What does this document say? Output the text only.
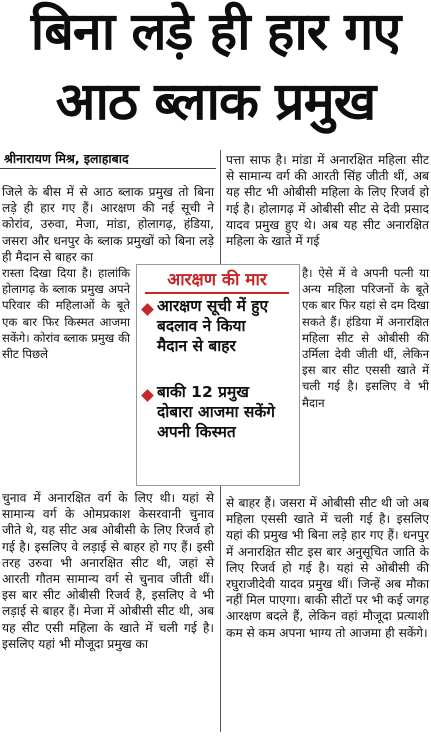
बिना लड़े ही हार गए
आठ ब्लाक प्रमुख
श्रीनारायण मिश्र, इलाहाबाद

जिले के बीस में से आठ ब्लाक प्रमुख तो बिना लड़े ही हार गए हैं। आरक्षण की नई सूची ने कोरांव, उरुवा, मेजा, मांडा, होलागढ़, हंडिया, जसरा और धनपुर के ब्लाक प्रमुखों को बिना लड़े ही मैदान से बाहर का

रास्ता दिखा दिया है। हालांकि होलागढ़ के ब्लाक प्रमुख अपने परिवार की महिलाओं के बूते एक बार फिर किस्मत आजमा सकेंगे। कोरांव ब्लाक प्रमुख की सीट पिछले

चुनाव में अनारक्षित वर्ग के लिए थी। यहां से सामान्य वर्ग के ओमप्रकाश केसरवानी चुनाव जीते थे, यह सीट अब ओबीसी के लिए रिजर्व हो गई है। इसलिए वे लड़ाई से बाहर हो गए हैं। इसी तरह उरुवा भी अनारक्षित सीट थी, जहां से आरती गौतम सामान्य वर्ग से चुनाव जीती थीं। इस बार सीट ओबीसी रिजर्व है, इसलिए वे भी लड़ाई से बाहर हैं। मेजा में ओबीसी सीट थी, अब यह सीट एसी महिला के खाते में चली गई है। इसलिए यहां भी मौजूदा प्रमुख का

पत्ता साफ है। मांडा में अनारक्षित महिला सीट से सामान्य वर्ग की आरती सिंह जीती थीं, अब यह सीट भी ओबीसी महिला के लिए रिजर्व हो गई है। होलागढ़ में ओबीसी सीट से देवी प्रसाद यादव प्रमुख हुए थे। अब यह सीट अनारक्षित महिला के खाते में गई

है। ऐसे में वे अपनी पत्नी या अन्य महिला परिजनों के बूते एक बार फिर यहां से दम दिखा सकते हैं। हंडिया में अनारक्षित महिला सीट से ओबीसी की उर्मिला देवी जीती थीं, लेकिन इस बार सीट एससी खाते में चली गई है। इसलिए वे भी मैदान

से बाहर हैं। जसरा में ओबीसी सीट थी जो अब महिला एससी खाते में चली गई है। इसलिए यहां की प्रमुख भी बिना लड़े हार गए हैं। धनपुर में अनारक्षित सीट इस बार अनुसूचित जाति के लिए रिजर्व हो गई है। यहां से ओबीसी की रघुराजीदेवी यादव प्रमुख थीं। जिन्हें अब मौका नहीं मिल पाएगा। बाकी सीटों पर भी कई जगह आरक्षण बदले हैं, लेकिन वहां मौजूदा प्रत्याशी कम से कम अपना भाग्य तो आजमा ही सकेंगे।

आरक्षण की मार
आरक्षण सूची में हुए
बदलाव ने किया
मैदान से बाहर
बाकी 12 प्रमुख
दोबारा आजमा सकेंगे
अपनी किस्मत
